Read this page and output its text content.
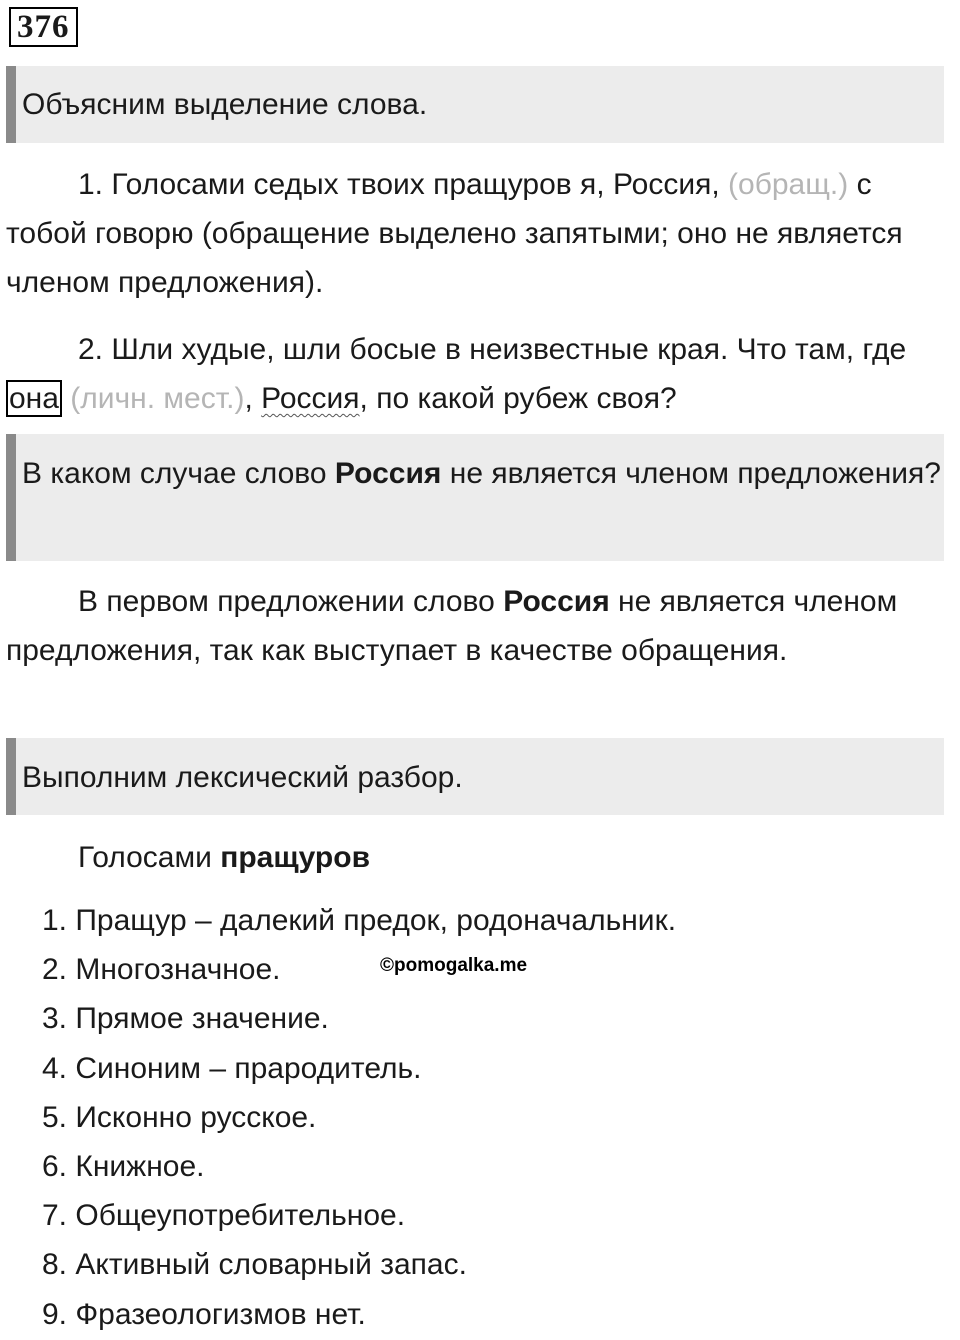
376
Объясним выделение слова.
1. Голосами седых твоих пращуров я, Россия, (обращ.) с тобой говорю (обращение выделено запятыми; оно не является членом предложения).
2. Шли худые, шли босые в неизвестные края. Что там, где она (личн. мест.), Россия, по какой рубеж своя?
В каком случае слово Россия не является членом предложения?
В первом предложении слово Россия не является членом предложения, так как выступает в качестве обращения.
Выполним лексический разбор.
Голосами пращуров
1. Пращур – далекий предок, родоначальник.
2. Многозначное.
3. Прямое значение.
4. Синоним – прародитель.
5. Исконно русское.
6. Книжное.
7. Общеупотребительное.
8. Активный словарный запас.
9. Фразеологизмов нет.
©pomogalka.me
